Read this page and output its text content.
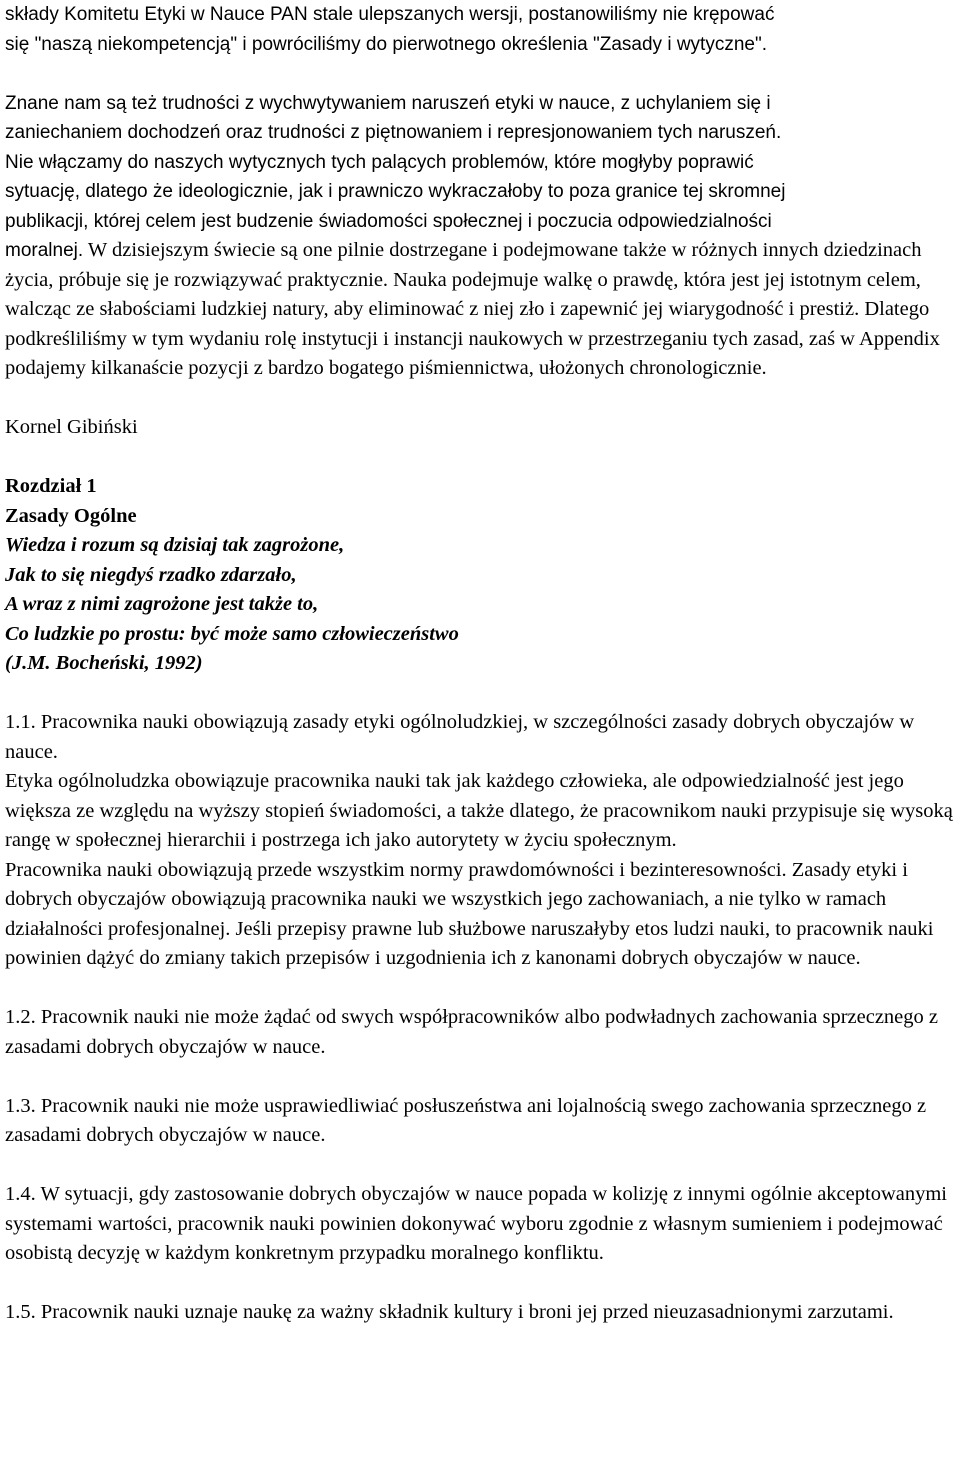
składy Komitetu Etyki w Nauce PAN stale ulepszanych wersji, postanowiliśmy nie krępować

się "naszą niekompetencją" i powróciliśmy do pierwotnego określenia "Zasady i wytyczne".

Znane nam są też trudności z wychwytywaniem naruszeń etyki w nauce, z uchylaniem się i

zaniechaniem dochodzeń oraz trudności z piętnowaniem i represjonowaniem tych naruszeń.

Nie włączamy do naszych wytycznych tych palących problemów, które mogłyby poprawić

sytuację, dlatego że ideologicznie, jak i prawniczo wykraczałoby to poza granice tej skromnej

publikacji, której celem jest budzenie świadomości społecznej i poczucia odpowiedzialności

moralnej. W dzisiejszym świecie są one pilnie dostrzegane i podejmowane także w różnych innych dziedzinach życia, próbuje się je rozwiązywać praktycznie. Nauka podejmuje walkę o prawdę, która jest jej istotnym celem, walcząc ze słabościami ludzkiej natury, aby eliminować z niej zło i zapewnić jej wiarygodność i prestiż. Dlatego podkreśliliśmy w tym wydaniu rolę instytucji i instancji naukowych w przestrzeganiu tych zasad, zaś w Appendix podajemy kilkanaście pozycji z bardzo bogatego piśmiennictwa, ułożonych chronologicznie.

Kornel Gibiński

Rozdział 1

Zasady Ogólne

Wiedza i rozum są dzisiaj tak zagrożone,

Jak to się niegdyś rzadko zdarzało,

A wraz z nimi zagrożone jest także to,

Co ludzkie po prostu: być może samo człowieczeństwo

(J.M. Bocheński, 1992)

1.1. Pracownika nauki obowiązują zasady etyki ogólnoludzkiej, w szczególności zasady dobrych obyczajów w nauce.

Etyka ogólnoludzka obowiązuje pracownika nauki tak jak każdego człowieka, ale odpowiedzialność jest jego większa ze względu na wyższy stopień świadomości, a także dlatego, że pracownikom nauki przypisuje się wysoką rangę w społecznej hierarchii i postrzega ich jako autorytety w życiu społecznym.

Pracownika nauki obowiązują przede wszystkim normy prawdomówności i bezinteresowności. Zasady etyki i dobrych obyczajów obowiązują pracownika nauki we wszystkich jego zachowaniach, a nie tylko w ramach działalności profesjonalnej. Jeśli przepisy prawne lub służbowe naruszałyby etos ludzi nauki, to pracownik nauki powinien dążyć do zmiany takich przepisów i uzgodnienia ich z kanonami dobrych obyczajów w nauce.

1.2. Pracownik nauki nie może żądać od swych współpracowników albo podwładnych zachowania sprzecznego z zasadami dobrych obyczajów w nauce.

1.3. Pracownik nauki nie może usprawiedliwiać posłuszeństwa ani lojalnością swego zachowania sprzecznego z zasadami dobrych obyczajów w nauce.

1.4. W sytuacji, gdy zastosowanie dobrych obyczajów w nauce popada w kolizję z innymi ogólnie akceptowanymi systemami wartości, pracownik nauki powinien dokonywać wyboru zgodnie z własnym sumieniem i podejmować osobistą decyzję w każdym konkretnym przypadku moralnego konfliktu.

1.5. Pracownik nauki uznaje naukę za ważny składnik kultury i broni jej przed nieuzasadnionymi zarzutami.
